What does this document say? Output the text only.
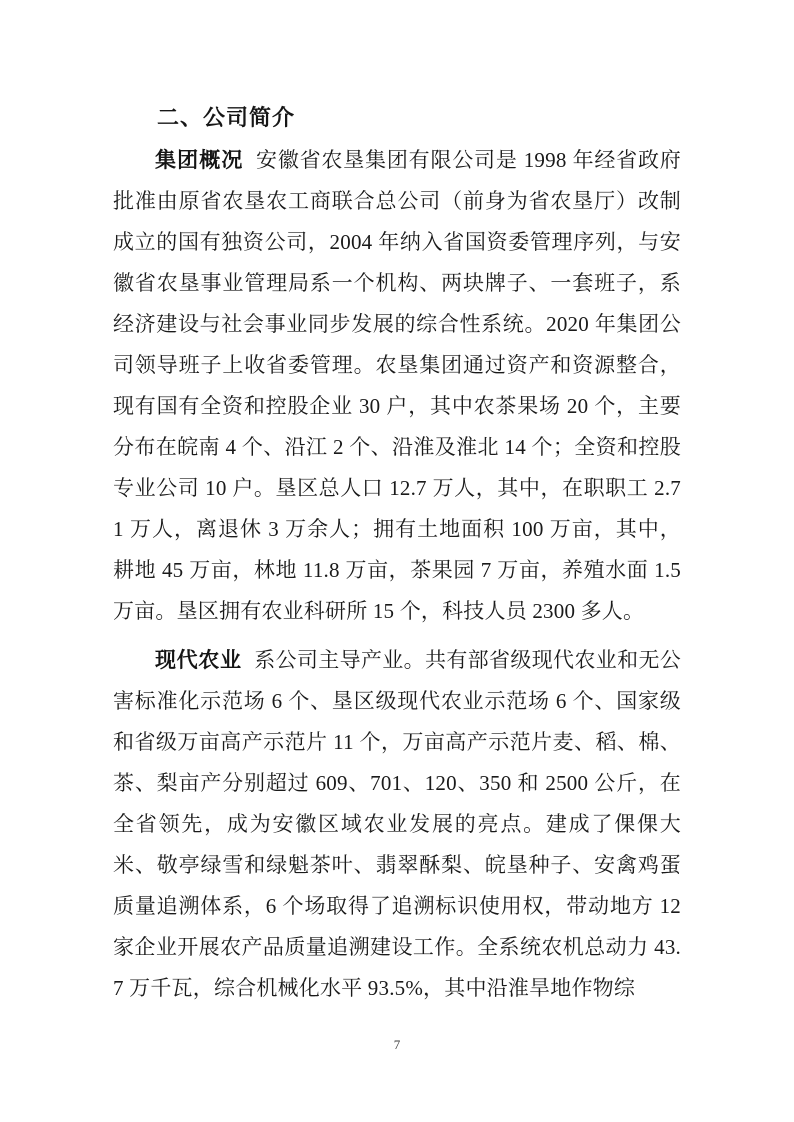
二、公司简介

集团概况 安徽省农垦集团有限公司是 1998 年经省政府批准由原省农垦农工商联合总公司（前身为省农垦厅）改制成立的国有独资公司，2004 年纳入省国资委管理序列，与安徽省农垦事业管理局系一个机构、两块牌子、一套班子，系经济建设与社会事业同步发展的综合性系统。2020 年集团公司领导班子上收省委管理。农垦集团通过资产和资源整合，现有国有全资和控股企业 30 户，其中农茶果场 20 个，主要分布在皖南 4 个、沿江 2 个、沿淮及淮北 14 个；全资和控股专业公司 10 户。垦区总人口 12.7 万人，其中，在职职工 2.71 万人，离退休 3 万余人；拥有土地面积 100 万亩，其中，耕地 45 万亩，林地 11.8 万亩，茶果园 7 万亩，养殖水面 1.5 万亩。垦区拥有农业科研所 15 个，科技人员 2300 多人。

现代农业 系公司主导产业。共有部省级现代农业和无公害标准化示范场 6 个、垦区级现代农业示范场 6 个、国家级和省级万亩高产示范片 11 个，万亩高产示范片麦、稻、棉、茶、梨亩产分别超过 609、701、120、350 和 2500 公斤，在全省领先，成为安徽区域农业发展的亮点。建成了倮倮大米、敬亭绿雪和绿魁茶叶、翡翠酥梨、皖垦种子、安禽鸡蛋质量追溯体系，6 个场取得了追溯标识使用权，带动地方 12 家企业开展农产品质量追溯建设工作。全系统农机总动力 43.7 万千瓦，综合机械化水平 93.5%，其中沿淮旱地作物综

7
